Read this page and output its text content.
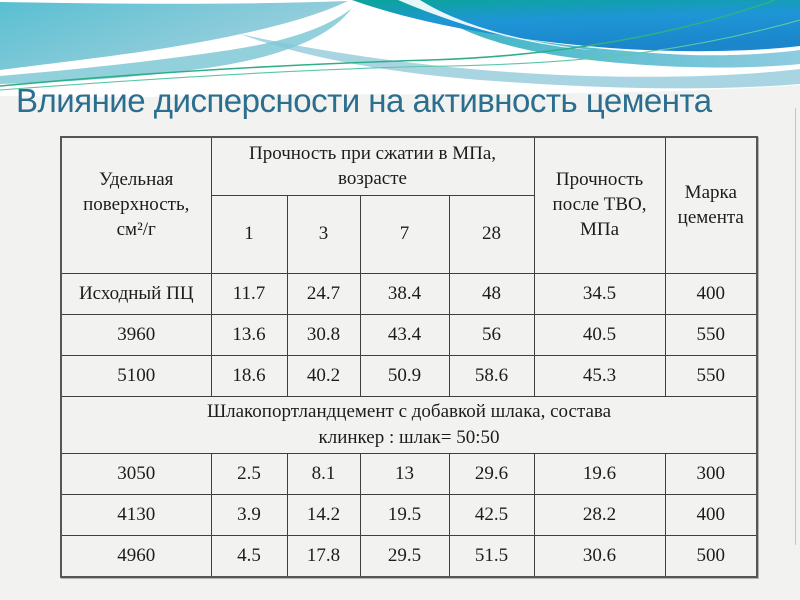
Влияние дисперсности на активность цемента
Удельная поверхность, см²/г	Прочность при сжатии в МПа, возрасте				Прочность после ТВО, МПа	Марка цемента
	1	3	7	28		
Исходный ПЦ	11.7	24.7	38.4	48	34.5	400
3960	13.6	30.8	43.4	56	40.5	550
5100	18.6	40.2	50.9	58.6	45.3	550

Шлакопортландцемент с добавкой шлака, состава
клинкер : шлак= 50:50						

3050	2.5	8.1	13	29.6	19.6	300
4130	3.9	14.2	19.5	42.5	28.2	400
4960	4.5	17.8	29.5	51.5	30.6	500
